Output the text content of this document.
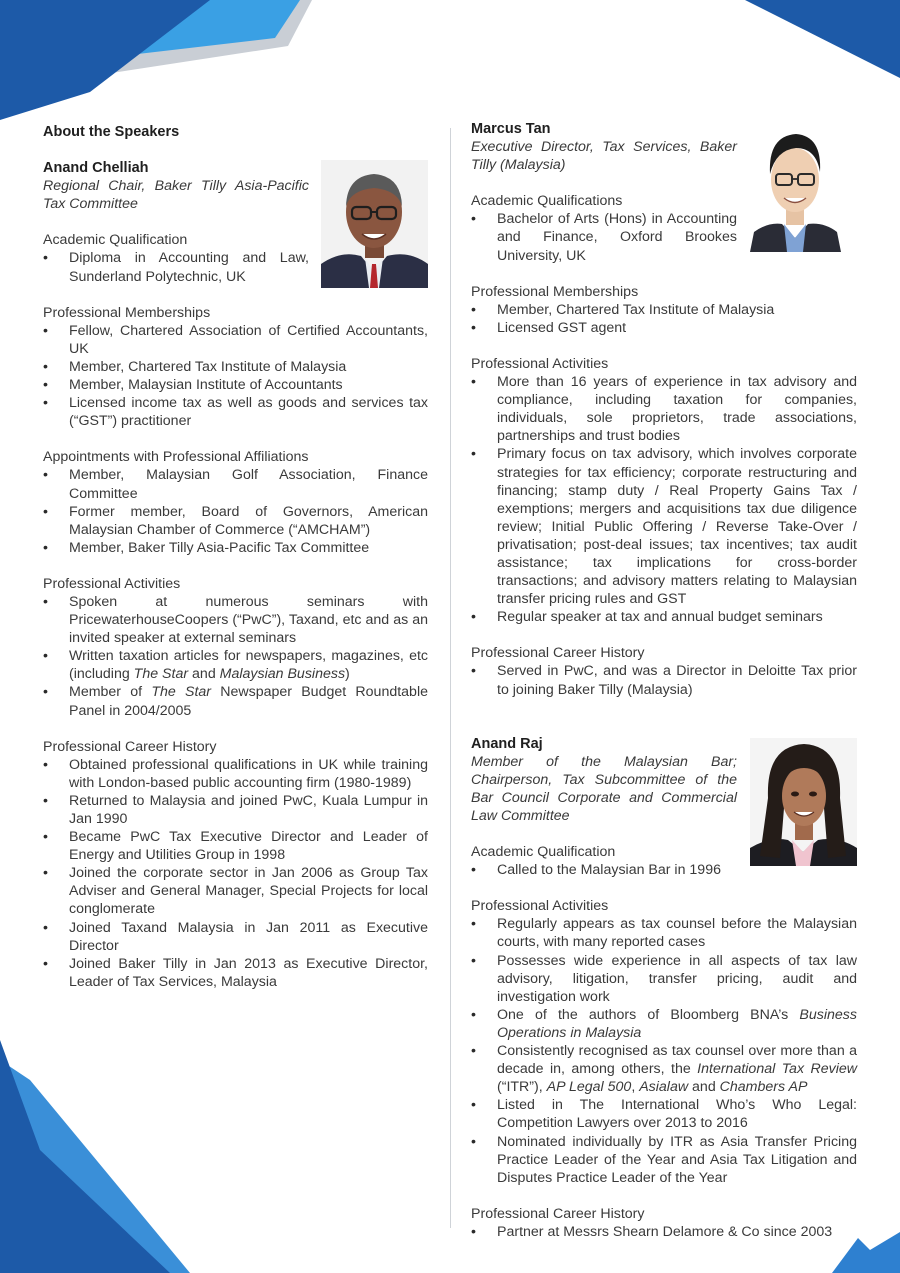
About the Speakers

Anand Chelliah

Regional Chair, Baker Tilly Asia-Pacific Tax Committee

Academic Qualification

• Diploma in Accounting and Law, Sunderland Polytechnic, UK

Professional Memberships

• Fellow, Chartered Association of Certified Accountants, UK
• Member, Chartered Tax Institute of Malaysia
• Member, Malaysian Institute of Accountants
• Licensed income tax as well as goods and services tax (“GST”) practitioner

Appointments with Professional Affiliations

• Member, Malaysian Golf Association, Finance Committee
• Former member, Board of Governors, American Malaysian Chamber of Commerce (“AMCHAM”)
• Member, Baker Tilly Asia-Pacific Tax Committee

Professional Activities

• Spoken at numerous seminars with PricewaterhouseCoopers (“PwC”), Taxand, etc and as an invited speaker at external seminars
• Written taxation articles for newspapers, magazines, etc (including The Star and Malaysian Business)
• Member of The Star Newspaper Budget Roundtable Panel in 2004/2005

Professional Career History

• Obtained professional qualifications in UK while training with London-based public accounting firm (1980-1989)
• Returned to Malaysia and joined PwC, Kuala Lumpur in Jan 1990
• Became PwC Tax Executive Director and Leader of Energy and Utilities Group in 1998
• Joined the corporate sector in Jan 2006 as Group Tax Adviser and General Manager, Special Projects for local conglomerate
• Joined Taxand Malaysia in Jan 2011 as Executive Director
• Joined Baker Tilly in Jan 2013 as Executive Director, Leader of Tax Services, Malaysia

Marcus Tan

Executive Director, Tax Services, Baker Tilly (Malaysia)

Academic Qualifications

• Bachelor of Arts (Hons) in Accounting and Finance, Oxford Brookes University, UK

Professional Memberships

• Member, Chartered Tax Institute of Malaysia
• Licensed GST agent

Professional Activities

• More than 16 years of experience in tax advisory and compliance, including taxation for companies, individuals, sole proprietors, trade associations, partnerships and trust bodies
• Primary focus on tax advisory, which involves corporate strategies for tax efficiency; corporate restructuring and financing; stamp duty / Real Property Gains Tax / exemptions; mergers and acquisitions tax due diligence review; Initial Public Offering / Reverse Take-Over / privatisation; post-deal issues; tax incentives; tax audit assistance; tax implications for cross-border transactions; and advisory matters relating to Malaysian transfer pricing rules and GST
• Regular speaker at tax and annual budget seminars

Professional Career History

• Served in PwC, and was a Director in Deloitte Tax prior to joining Baker Tilly (Malaysia)

Anand Raj

Member of the Malaysian Bar; Chairperson, Tax Subcommittee of the Bar Council Corporate and Commercial Law Committee

Academic Qualification

• Called to the Malaysian Bar in 1996

Professional Activities

• Regularly appears as tax counsel before the Malaysian courts, with many reported cases
• Possesses wide experience in all aspects of tax law advisory, litigation, transfer pricing, audit and investigation work
• One of the authors of Bloomberg BNA’s Business Operations in Malaysia
• Consistently recognised as tax counsel over more than a decade in, among others, the International Tax Review (“ITR”), AP Legal 500, Asialaw and Chambers AP
• Listed in The International Who’s Who Legal: Competition Lawyers over 2013 to 2016
• Nominated individually by ITR as Asia Transfer Pricing Practice Leader of the Year and Asia Tax Litigation and Disputes Practice Leader of the Year

Professional Career History

• Partner at Messrs Shearn Delamore & Co since 2003
